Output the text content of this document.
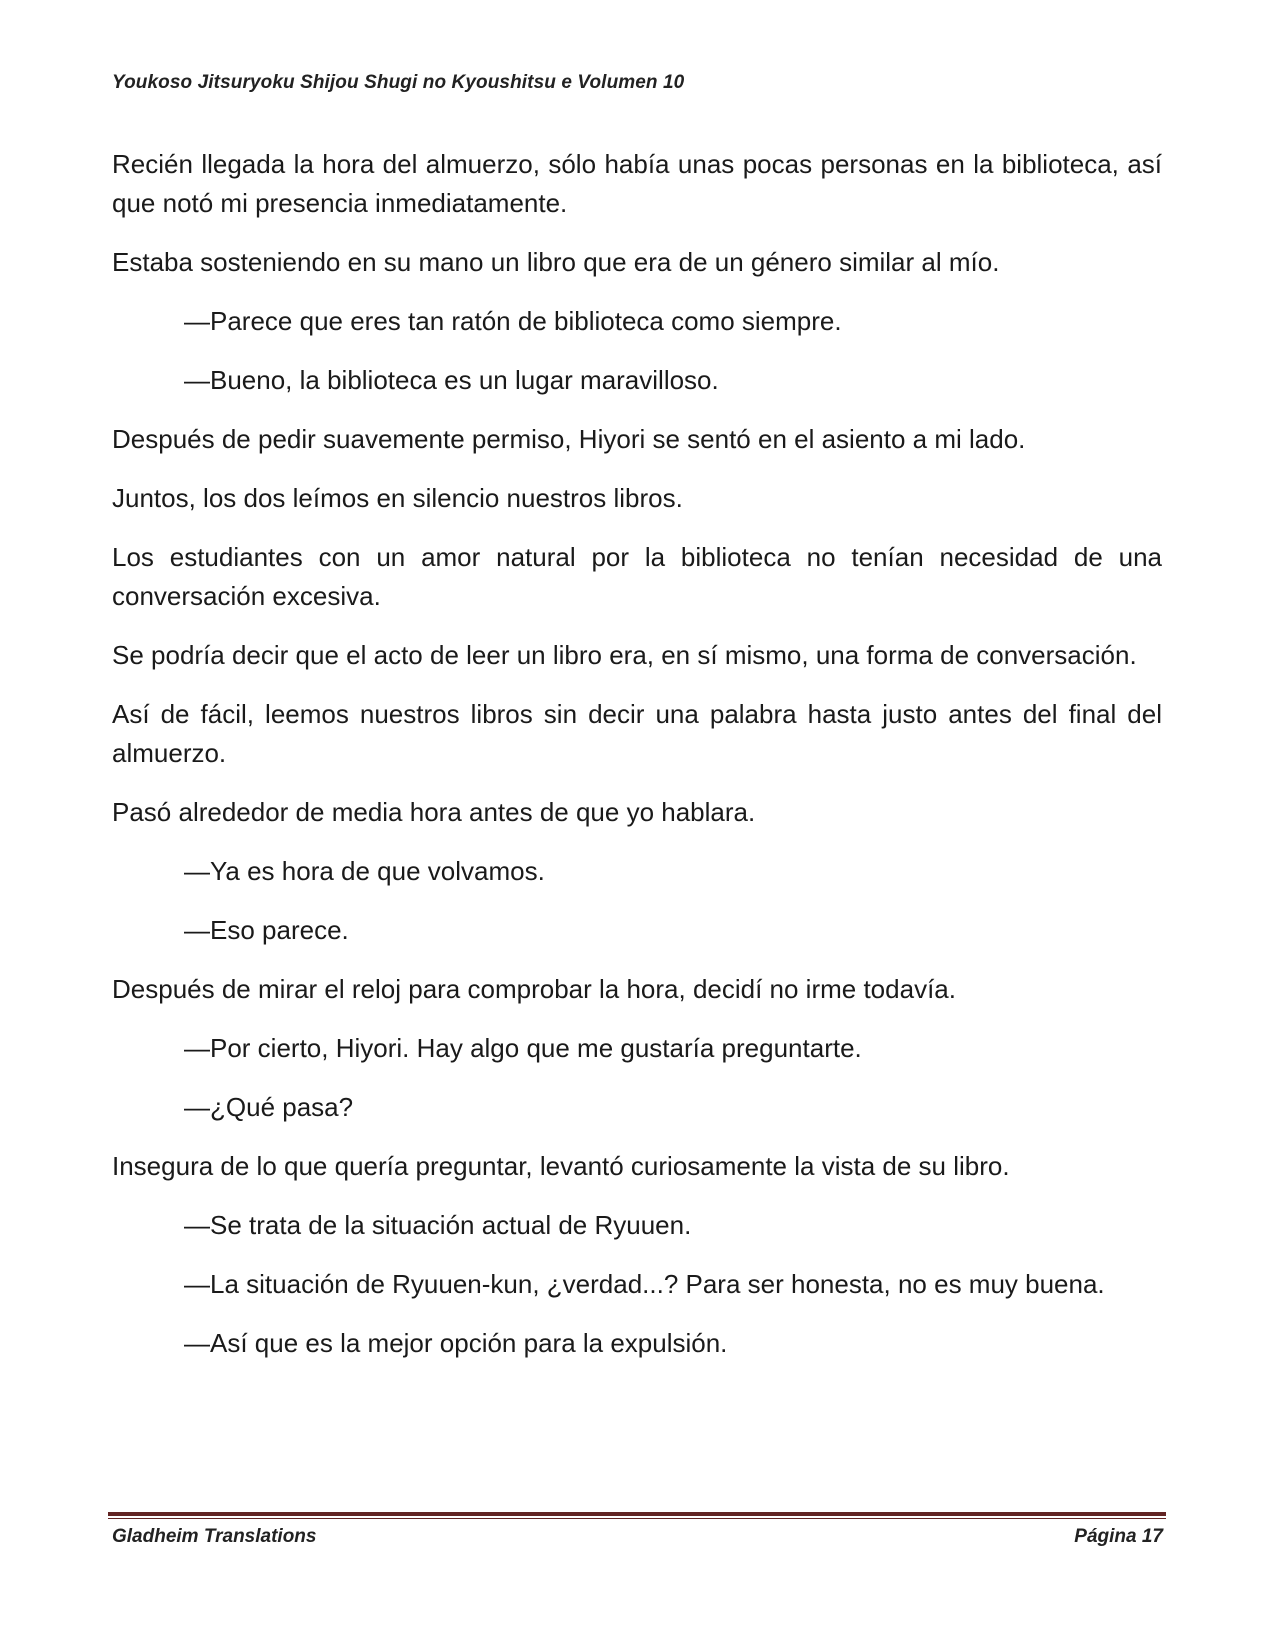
Youkoso Jitsuryoku Shijou Shugi no Kyoushitsu e Volumen 10

Recién llegada la hora del almuerzo, sólo había unas pocas personas en la biblioteca, así que notó mi presencia inmediatamente.

Estaba sosteniendo en su mano un libro que era de un género similar al mío.

—Parece que eres tan ratón de biblioteca como siempre.

—Bueno, la biblioteca es un lugar maravilloso.

Después de pedir suavemente permiso, Hiyori se sentó en el asiento a mi lado.

Juntos, los dos leímos en silencio nuestros libros.

Los estudiantes con un amor natural por la biblioteca no tenían necesidad de una conversación excesiva.

Se podría decir que el acto de leer un libro era, en sí mismo, una forma de conversación.

Así de fácil, leemos nuestros libros sin decir una palabra hasta justo antes del final del almuerzo.

Pasó alrededor de media hora antes de que yo hablara.

—Ya es hora de que volvamos.

—Eso parece.

Después de mirar el reloj para comprobar la hora, decidí no irme todavía.

—Por cierto, Hiyori. Hay algo que me gustaría preguntarte.

—¿Qué pasa?

Insegura de lo que quería preguntar, levantó curiosamente la vista de su libro.

—Se trata de la situación actual de Ryuuen.

—La situación de Ryuuen-kun, ¿verdad...? Para ser honesta, no es muy buena.

—Así que es la mejor opción para la expulsión.

Gladheim Translations	Página 17
